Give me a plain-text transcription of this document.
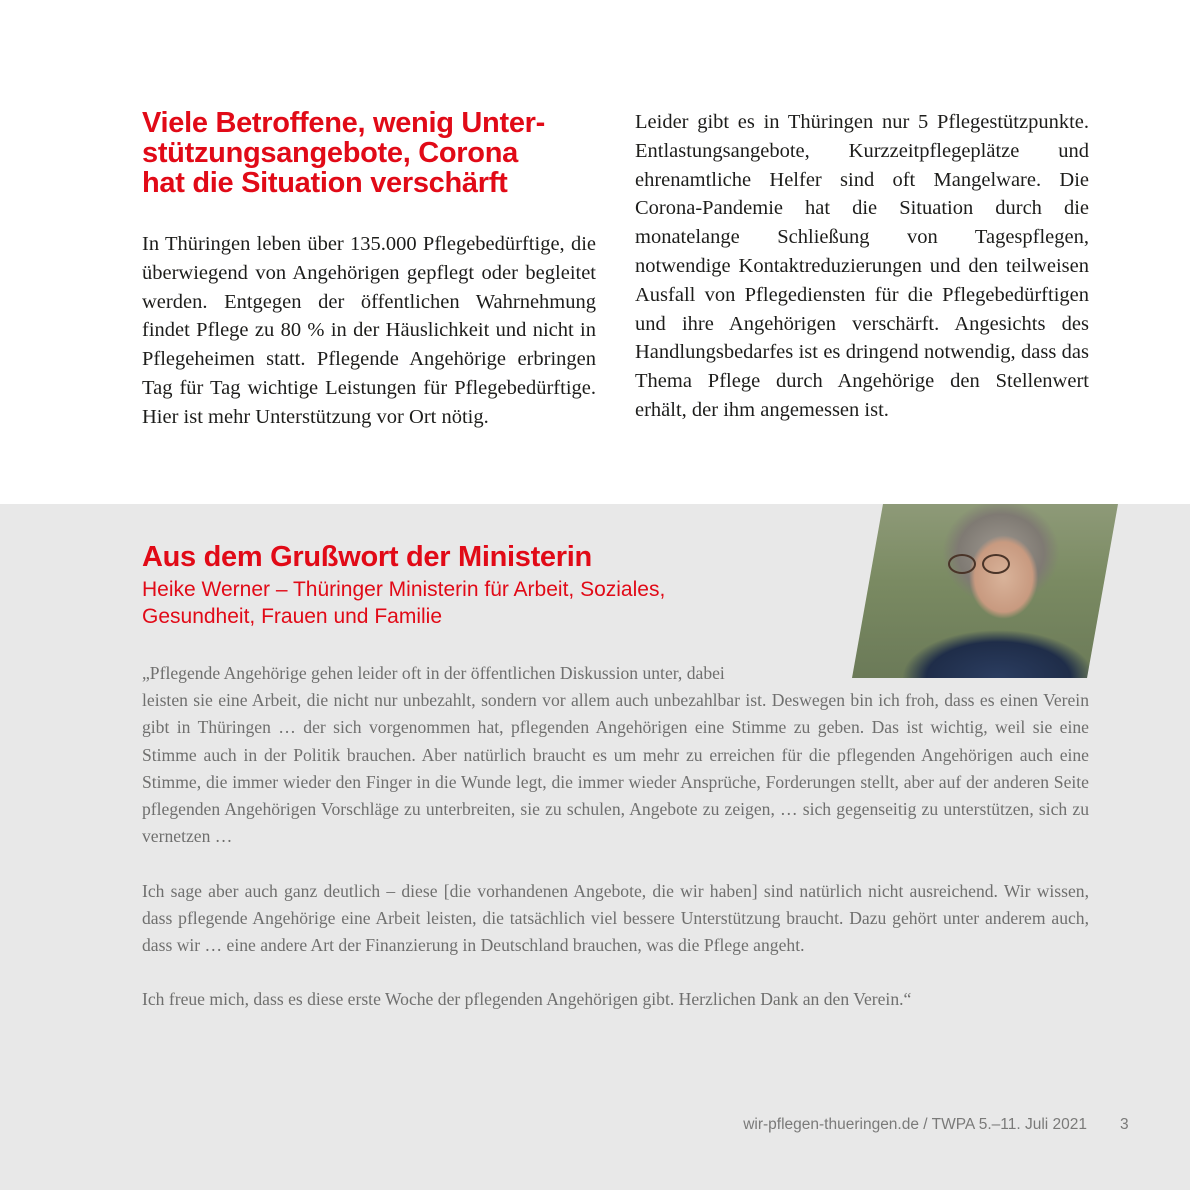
Viele Betroffene, wenig Unter-
stützungsangebote, Corona
hat die Situation verschärft

In Thüringen leben über 135.000 Pflegebedürftige, die überwiegend von Angehörigen gepflegt oder begleitet werden. Entgegen der öffentlichen Wahrnehmung findet Pflege zu 80 % in der Häuslichkeit und nicht in Pflegeheimen statt. Pflegende Angehörige erbringen Tag für Tag wichtige Leistungen für Pflegebedürftige. Hier ist mehr Unterstützung vor Ort nötig.

Leider gibt es in Thüringen nur 5 Pflegestützpunkte. Entlastungsangebote, Kurzzeitpflegeplätze und ehrenamtliche Helfer sind oft Mangelware. Die Corona-Pandemie hat die Situation durch die monatelange Schließung von Tagespflegen, notwendige Kontaktreduzierungen und den teilweisen Ausfall von Pflegediensten für die Pflegebedürftigen und ihre Angehörigen verschärft. Angesichts des Handlungsbedarfes ist es dringend notwendig, dass das Thema Pflege durch Angehörige den Stellenwert erhält, der ihm angemessen ist.

Aus dem Grußwort der Ministerin

Heike Werner – Thüringer Ministerin für Arbeit, Soziales,
Gesundheit, Frauen und Familie

„Pflegende Angehörige gehen leider oft in der öffentlichen Diskussion unter, dabei

leisten sie eine Arbeit, die nicht nur unbezahlt, sondern vor allem auch unbezahlbar ist. Deswegen bin ich froh, dass es einen Verein gibt in Thüringen … der sich vorgenommen hat, pflegenden Angehörigen eine Stimme zu geben. Das ist wichtig, weil sie eine Stimme auch in der Politik brauchen. Aber natürlich braucht es um mehr zu erreichen für die pflegenden Angehörigen auch eine Stimme, die immer wieder den Finger in die Wunde legt, die immer wieder Ansprüche, Forderungen stellt, aber auf der anderen Seite pflegenden Angehörigen Vorschläge zu unterbreiten, sie zu schulen, Angebote zu zeigen, … sich gegenseitig zu unterstützen, sich zu vernetzen …

Ich sage aber auch ganz deutlich – diese [die vorhandenen Angebote, die wir haben] sind natürlich nicht ausreichend. Wir wissen, dass pflegende Angehörige eine Arbeit leisten, die tatsächlich viel bessere Unterstützung braucht. Dazu gehört unter anderem auch, dass wir … eine andere Art der Finanzierung in Deutschland brauchen, was die Pflege angeht.

Ich freue mich, dass es diese erste Woche der pflegenden Angehörigen gibt. Herzlichen Dank an den Verein.“

wir-pflegen-thueringen.de / TWPA 5.–11. Juli 2021 3
